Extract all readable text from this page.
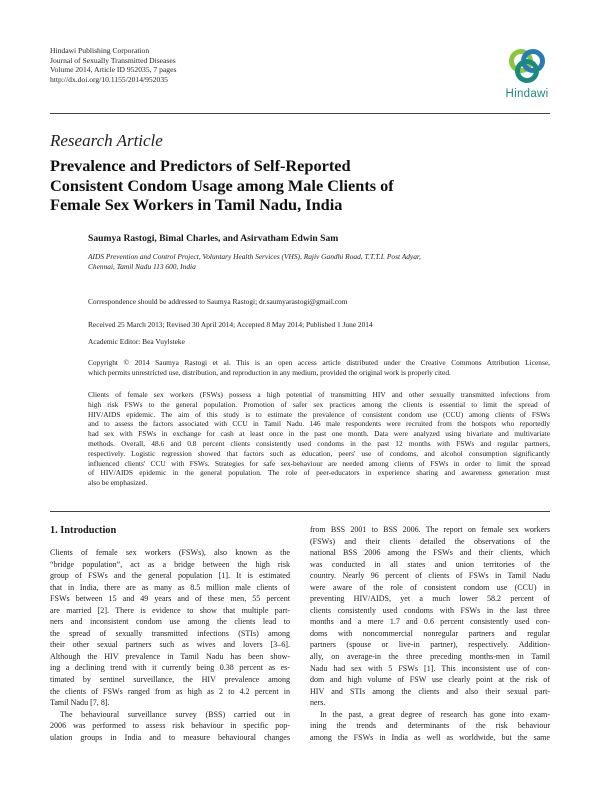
Hindawi Publishing Corporation
Journal of Sexually Transmitted Diseases
Volume 2014, Article ID 952035, 7 pages
http://dx.doi.org/10.1155/2014/952035
Hindawi
Research Article
Prevalence and Predictors of Self-Reported
Consistent Condom Usage among Male Clients of
Female Sex Workers in Tamil Nadu, India
Saumya Rastogi, Bimal Charles, and Asirvatham Edwin Sam
AIDS Prevention and Control Project, Voluntary Health Services (VHS), Rajiv Gandhi Road, T.T.T.I. Post Adyar,
Chennai, Tamil Nadu 113 600, India
Correspondence should be addressed to Saumya Rastogi; dr.saumyarastogi@gmail.com
Received 25 March 2013; Revised 30 April 2014; Accepted 8 May 2014; Published 1 June 2014
Academic Editor: Bea Vuylsteke
Copyright © 2014 Saumya Rastogi et al. This is an open access article distributed under the Creative Commons Attribution License,
which permits unrestricted use, distribution, and reproduction in any medium, provided the original work is properly cited.
Clients of female sex workers (FSWs) possess a high potential of transmitting HIV and other sexually transmitted infections from
high risk FSWs to the general population. Promotion of safer sex practices among the clients is essential to limit the spread of
HIV/AIDS epidemic. The aim of this study is to estimate the prevalence of consistent condom use (CCU) among clients of FSWs
and to assess the factors associated with CCU in Tamil Nadu. 146 male respondents were recruited from the hotspots who reportedly
had sex with FSWs in exchange for cash at least once in the past one month. Data were analyzed using bivariate and multivariate
methods. Overall, 48.6 and 0.8 percent clients consistently used condoms in the past 12 months with FSWs and regular partners,
respectively. Logistic regression showed that factors such as education, peers' use of condoms, and alcohol consumption significantly
influenced clients' CCU with FSWs. Strategies for safe sex-behaviour are needed among clients of FSWs in order to limit the spread
of HIV/AIDS epidemic in the general population. The role of peer-educators in experience sharing and awareness generation must
also be emphasized.
1. Introduction
Clients of female sex workers (FSWs), also known as the
“bridge population”, act as a bridge between the high risk
group of FSWs and the general population [1]. It is estimated
that in India, there are as many as 8.5 million male clients of
FSWs between 15 and 49 years and of these men, 55 percent
are married [2]. There is evidence to show that multiple part-
ners and inconsistent condom use among the clients lead to
the spread of sexually transmitted infections (STIs) among
their other sexual partners such as wives and lovers [3–6].
Although the HIV prevalence in Tamil Nadu has been show-
ing a declining trend with it currently being 0.38 percent as es-
timated by sentinel surveillance, the HIV prevalence among
the clients of FSWs ranged from as high as 2 to 4.2 percent in
Tamil Nadu [7, 8].
The behavioural surveillance survey (BSS) carried out in
2006 was performed to assess risk behaviour in specific pop-
ulation groups in India and to measure behavioural changes
from BSS 2001 to BSS 2006. The report on female sex workers
(FSWs) and their clients detailed the observations of the
national BSS 2006 among the FSWs and their clients, which
was conducted in all states and union territories of the
country. Nearly 96 percent of clients of FSWs in Tamil Nadu
were aware of the role of consistent condom use (CCU) in
preventing HIV/AIDS, yet a much lower 58.2 percent of
clients consistently used condoms with FSWs in the last three
months and a mere 1.7 and 0.6 percent consistently used con-
doms with noncommercial nonregular partners and regular
partners (spouse or live-in partner), respectively. Addition-
ally, on average-in the three preceding months-men in Tamil
Nadu had sex with 5 FSWs [1]. This inconsistent use of con-
dom and high volume of FSW use clearly point at the risk of
HIV and STIs among the clients and also their sexual part-
ners.
In the past, a great degree of research has gone into exam-
ining the trends and determinants of the risk behaviour
among the FSWs in India as well as worldwide, but the same
